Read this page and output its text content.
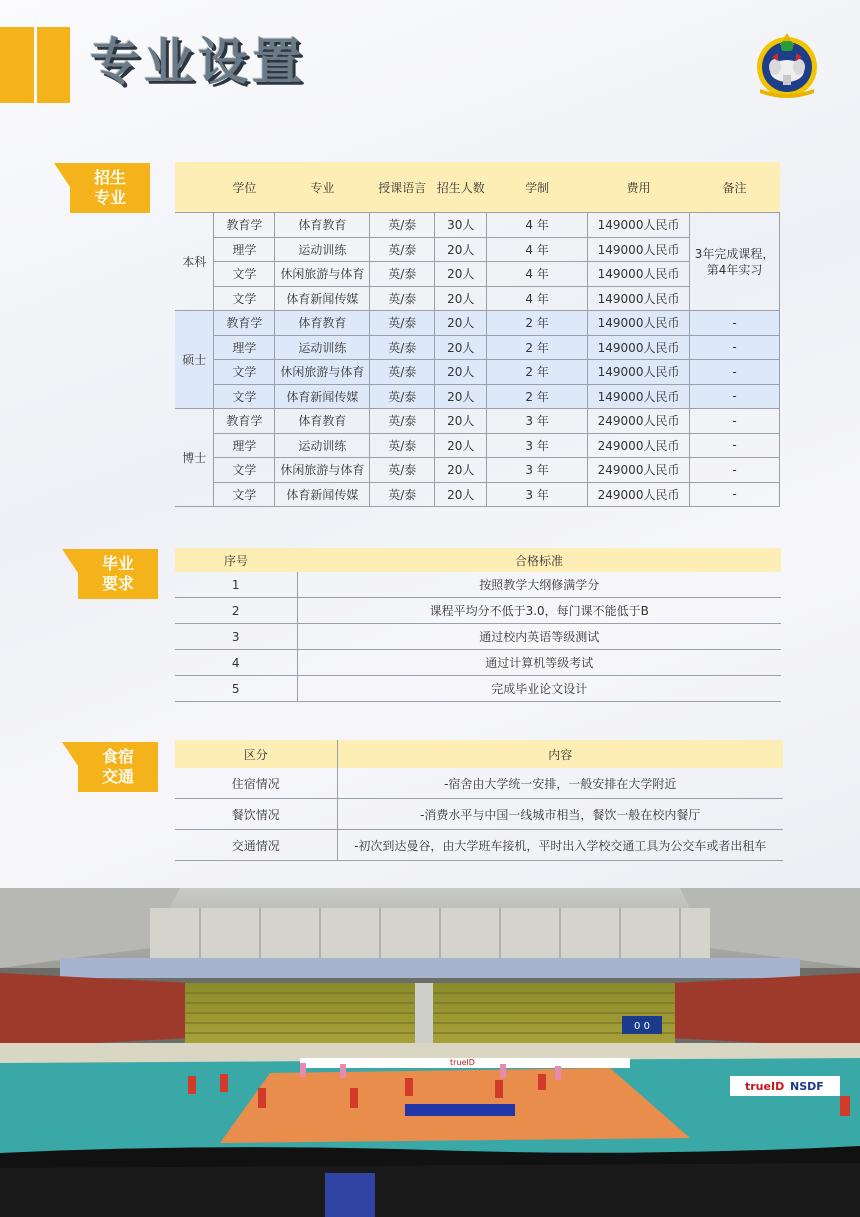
专业设置
招生
专业
	学位	专业	授课语言	招生人数	学制	费用	备注
本科	教育学	体育教育	英/泰	30人	4 年	149000人民币	3年完成课程，第4年实习
	理学	运动训练	英/泰	20人	4 年	149000人民币	
	文学	休闲旅游与体育	英/泰	20人	4 年	149000人民币	
	文学	体育新闻传媒	英/泰	20人	4 年	149000人民币	
硕士	教育学	体育教育	英/泰	20人	2 年	149000人民币	-
	理学	运动训练	英/泰	20人	2 年	149000人民币	-
	文学	休闲旅游与体育	英/泰	20人	2 年	149000人民币	-
	文学	体育新闻传媒	英/泰	20人	2 年	149000人民币	-
博士	教育学	体育教育	英/泰	20人	3 年	249000人民币	-
	理学	运动训练	英/泰	20人	3 年	249000人民币	-
	文学	休闲旅游与体育	英/泰	20人	3 年	249000人民币	-
	文学	体育新闻传媒	英/泰	20人	3 年	249000人民币	-
毕业
要求
序号	合格标准
1	按照教学大纲修满学分
2	课程平均分不低于3.0，每门课不能低于B
3	通过校内英语等级测试
4	通过计算机等级考试
5	完成毕业论文设计
食宿
交通
区分	内容
住宿情况	-宿舍由大学统一安排，一般安排在大学附近
餐饮情况	-消费水平与中国一线城市相当，餐饮一般在校内餐厅
交通情况	-初次到达曼谷，由大学班车接机，平时出入学校交通工具为公交车或者出租车
0 0
trueID NSDF
trueID
